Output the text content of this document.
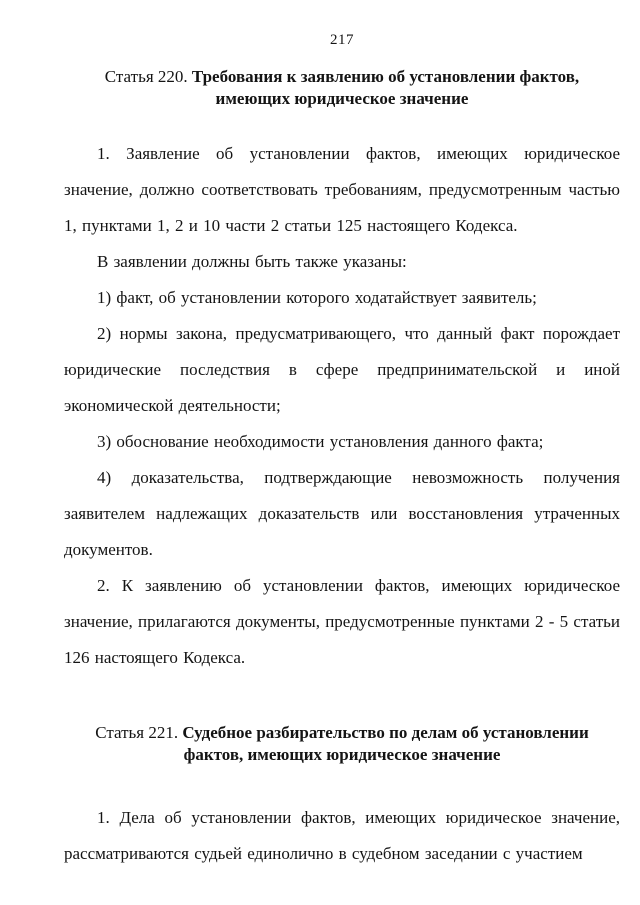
217
Статья 220. Требования к заявлению об установлении фактов,
имеющих юридическое значение

1. Заявление об установлении фактов, имеющих юридическое значение, должно соответствовать требованиям, предусмотренным частью 1, пунктами 1, 2 и 10 части 2 статьи 125 настоящего Кодекса.

В заявлении должны быть также указаны:

1) факт, об установлении которого ходатайствует заявитель;

2) нормы закона, предусматривающего, что данный факт порождает юридические последствия в сфере предпринимательской и иной экономической деятельности;

3) обоснование необходимости установления данного факта;

4) доказательства, подтверждающие невозможность получения заявителем надлежащих доказательств или восстановления утраченных документов.

2. К заявлению об установлении фактов, имеющих юридическое значение, прилагаются документы, предусмотренные пунктами 2 - 5 статьи 126 настоящего Кодекса.

Статья 221. Судебное разбирательство по делам об установлении
фактов, имеющих юридическое значение

1. Дела об установлении фактов, имеющих юридическое значение, рассматриваются судьей единолично в судебном заседании с участием
